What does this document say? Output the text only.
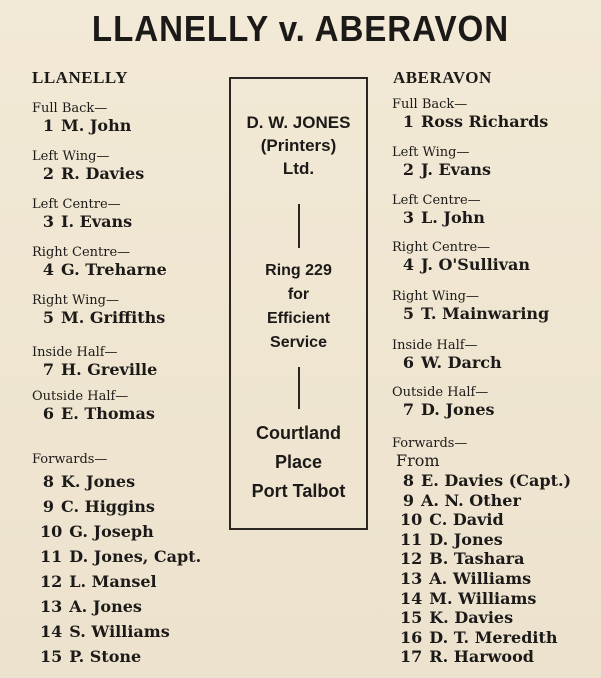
LLANELLY v. ABERAVON
LLANELLY
Full Back—
1 M. John
Left Wing—
2 R. Davies
Left Centre—
3 I. Evans
Right Centre—
4 G. Treharne
Right Wing—
5 M. Griffiths
Inside Half—
7 H. Greville
Outside Half—
6 E. Thomas
Forwards—
8 K. Jones
9 C. Higgins
10 G. Joseph
11 D. Jones, Capt.
12 L. Mansel
13 A. Jones
14 S. Williams
15 P. Stone
D. W. JONES
(Printers)
Ltd.
Ring 229
for
Efficient
Service
Courtland
Place
Port Talbot
ABERAVON
Full Back—
1 Ross Richards
Left Wing—
2 J. Evans
Left Centre—
3 L. John
Right Centre—
4 J. O'Sullivan
Right Wing—
5 T. Mainwaring
Inside Half—
6 W. Darch
Outside Half—
7 D. Jones
Forwards—
From
8 E. Davies (Capt.)
9 A. N. Other
10 C. David
11 D. Jones
12 B. Tashara
13 A. Williams
14 M. Williams
15 K. Davies
16 D. T. Meredith
17 R. Harwood
